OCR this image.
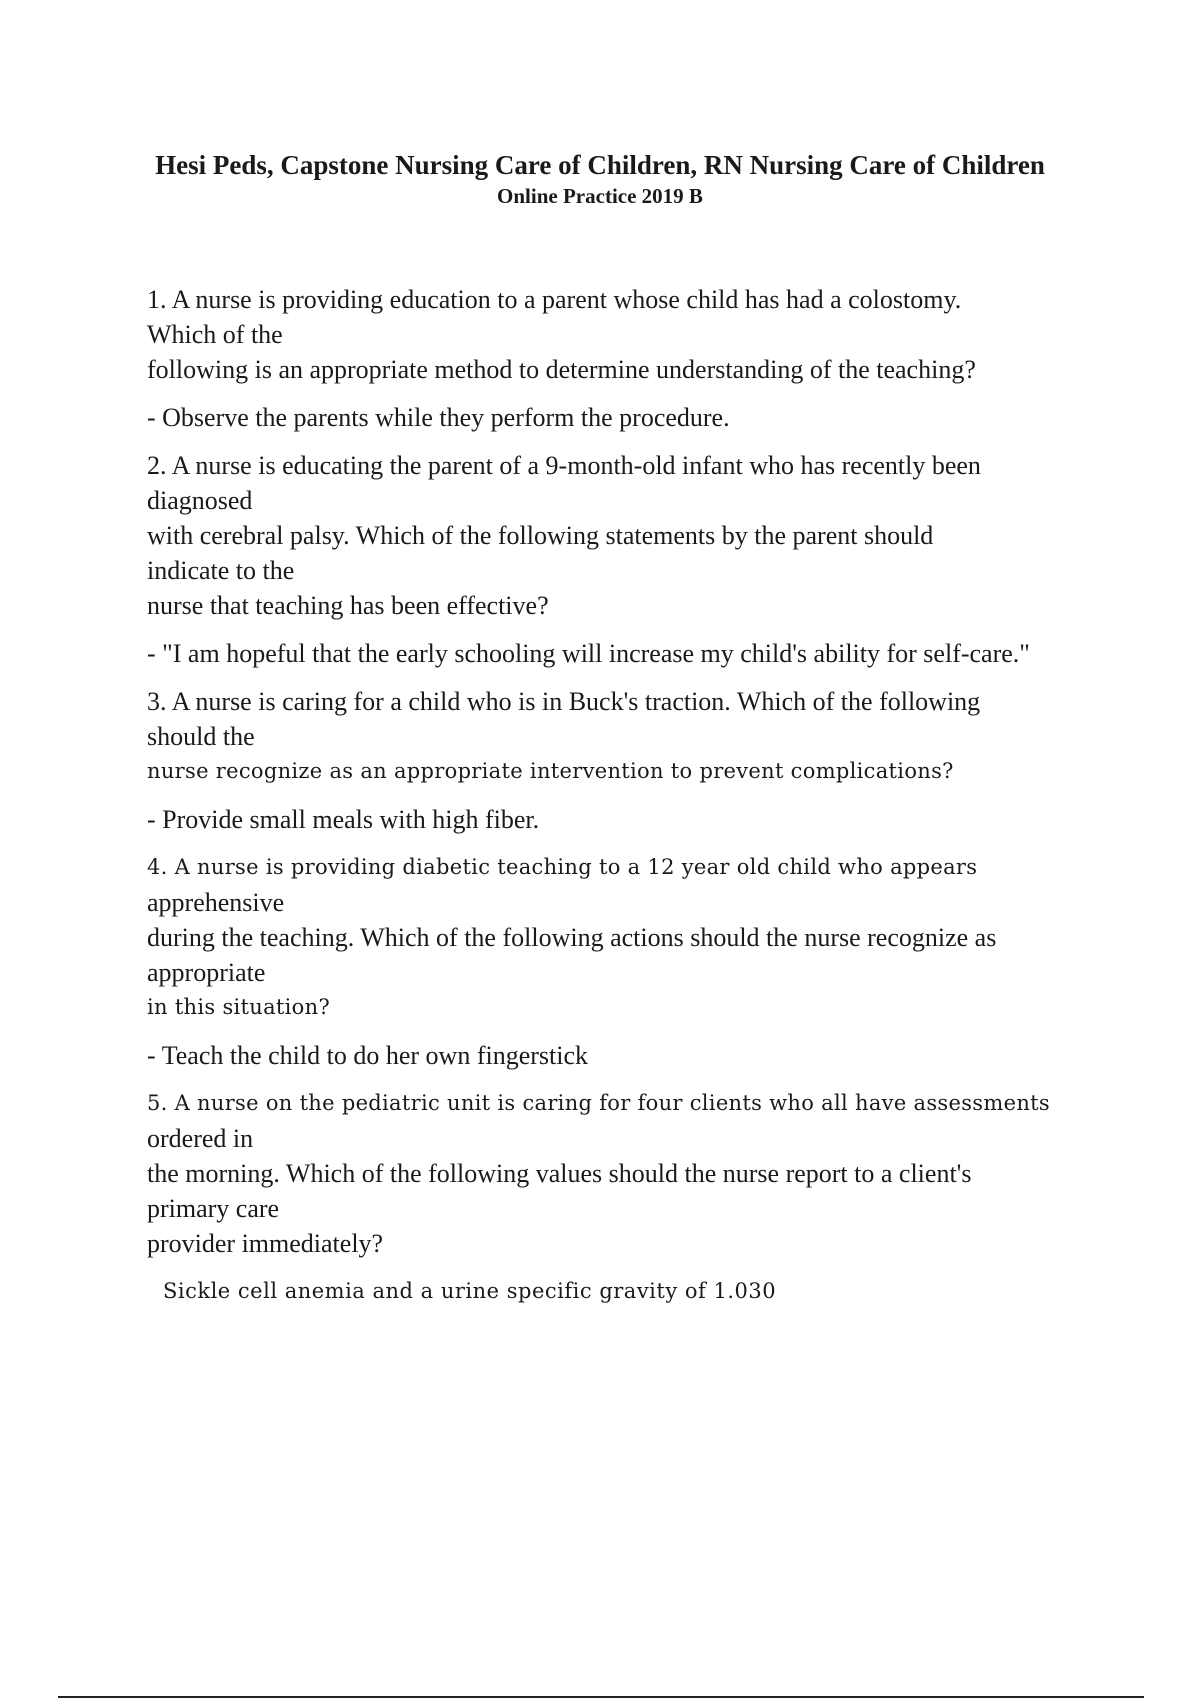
Hesi Peds, Capstone Nursing Care of Children, RN Nursing Care of Children

Online Practice 2019 B

1. A nurse is providing education to a parent whose child has had a colostomy.
Which of the
following is an appropriate method to determine understanding of the teaching?
- Observe the parents while they perform the procedure.
2. A nurse is educating the parent of a 9-month-old infant who has recently been
diagnosed
with cerebral palsy. Which of the following statements by the parent should
indicate to the
nurse that teaching has been effective?
- "I am hopeful that the early schooling will increase my child's ability for self-care."
3. A nurse is caring for a child who is in Buck's traction. Which of the following
should the
nurse recognize as an appropriate intervention to prevent complications?
- Provide small meals with high fiber.
4. A nurse is providing diabetic teaching to a 12 year old child who appears
apprehensive
during the teaching. Which of the following actions should the nurse recognize as
appropriate
in this situation?
- Teach the child to do her own fingerstick
5. A nurse on the pediatric unit is caring for four clients who all have assessments
ordered in
the morning. Which of the following values should the nurse report to a client's
primary care
provider immediately?
Sickle cell anemia and a urine specific gravity of 1.030
